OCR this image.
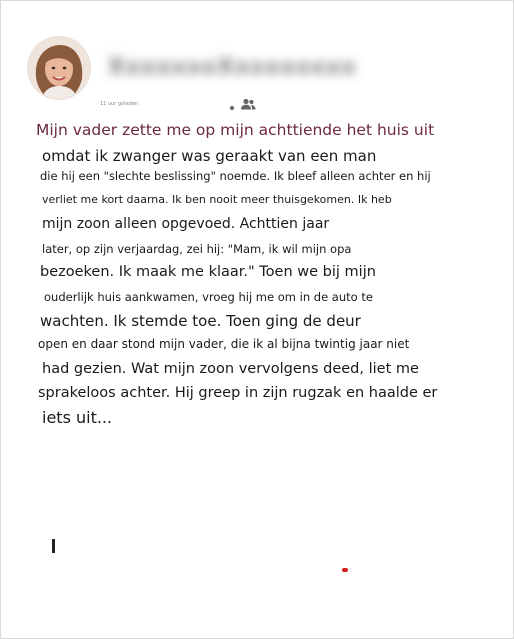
XxxxxxxXxxxxxxxx
11 uur geleden
Mijn vader zette me op mijn achttiende het huis uit
omdat ik zwanger was geraakt van een man
die hij een "slechte beslissing" noemde. Ik bleef alleen achter en hij
verliet me kort daarna. Ik ben nooit meer thuisgekomen. Ik heb
mijn zoon alleen opgevoed. Achttien jaar
later, op zijn verjaardag, zei hij: "Mam, ik wil mijn opa
bezoeken. Ik maak me klaar." Toen we bij mijn
ouderlijk huis aankwamen, vroeg hij me om in de auto te
wachten. Ik stemde toe. Toen ging de deur
open en daar stond mijn vader, die ik al bijna twintig jaar niet
had gezien. Wat mijn zoon vervolgens deed, liet me
sprakeloos achter. Hij greep in zijn rugzak en haalde er
iets uit...
